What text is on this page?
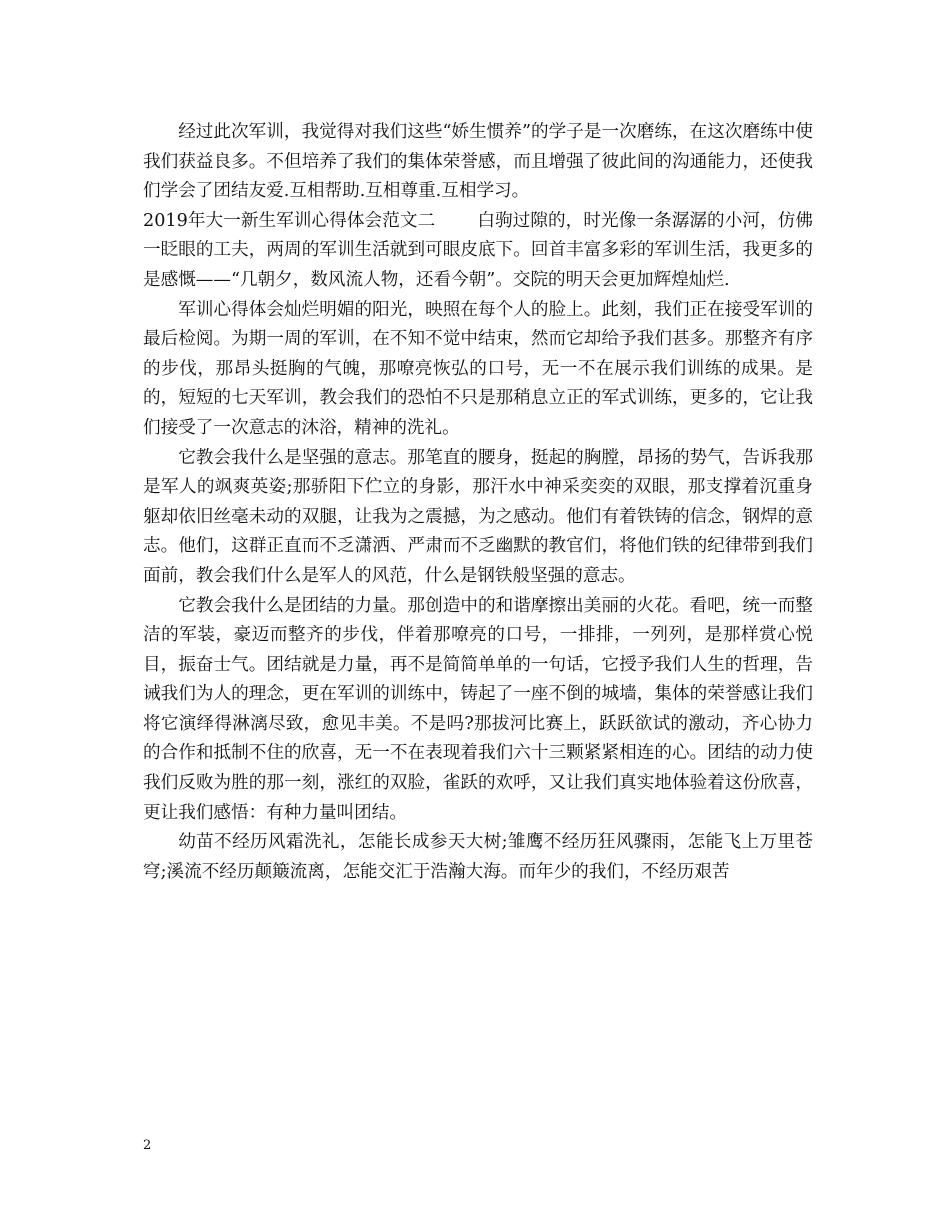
经过此次军训，我觉得对我们这些“娇生惯养”的学子是一次磨练，在这次磨练中使我们获益良多。不但培养了我们的集体荣誉感，而且增强了彼此间的沟通能力，还使我们学会了团结友爱.互相帮助.互相尊重.互相学习。

2019年大一新生军训心得体会范文二 白驹过隙的，时光像一条潺潺的小河，仿佛一眨眼的工夫，两周的军训生活就到可眼皮底下。回首丰富多彩的军训生活，我更多的是感慨——“几朝夕，数风流人物，还看今朝”。交院的明天会更加辉煌灿烂.

军训心得体会灿烂明媚的阳光，映照在每个人的脸上。此刻，我们正在接受军训的最后检阅。为期一周的军训，在不知不觉中结束，然而它却给予我们甚多。那整齐有序的步伐，那昂头挺胸的气魄，那嘹亮恢弘的口号，无一不在展示我们训练的成果。是的，短短的七天军训，教会我们的恐怕不只是那稍息立正的军式训练，更多的，它让我们接受了一次意志的沐浴，精神的洗礼。

它教会我什么是坚强的意志。那笔直的腰身，挺起的胸膛，昂扬的势气，告诉我那是军人的飒爽英姿;那骄阳下伫立的身影，那汗水中神采奕奕的双眼，那支撑着沉重身躯却依旧丝毫未动的双腿，让我为之震撼，为之感动。他们有着铁铸的信念，钢焊的意志。他们，这群正直而不乏潇洒、严肃而不乏幽默的教官们，将他们铁的纪律带到我们面前，教会我们什么是军人的风范，什么是钢铁般坚强的意志。

它教会我什么是团结的力量。那创造中的和谐摩擦出美丽的火花。看吧，统一而整洁的军装，豪迈而整齐的步伐，伴着那嘹亮的口号，一排排，一列列，是那样赏心悦目，振奋士气。团结就是力量，再不是简简单单的一句话，它授予我们人生的哲理，告诫我们为人的理念，更在军训的训练中，铸起了一座不倒的城墙，集体的荣誉感让我们将它演绎得淋漓尽致，愈见丰美。不是吗?那拔河比赛上，跃跃欲试的激动，齐心协力的合作和抵制不住的欣喜，无一不在表现着我们六十三颗紧紧相连的心。团结的动力使我们反败为胜的那一刻，涨红的双脸，雀跃的欢呼，又让我们真实地体验着这份欣喜，更让我们感悟：有种力量叫团结。

幼苗不经历风霜洗礼，怎能长成参天大树;雏鹰不经历狂风骤雨，怎能飞上万里苍穹;溪流不经历颠簸流离，怎能交汇于浩瀚大海。而年少的我们，不经历艰苦

2
